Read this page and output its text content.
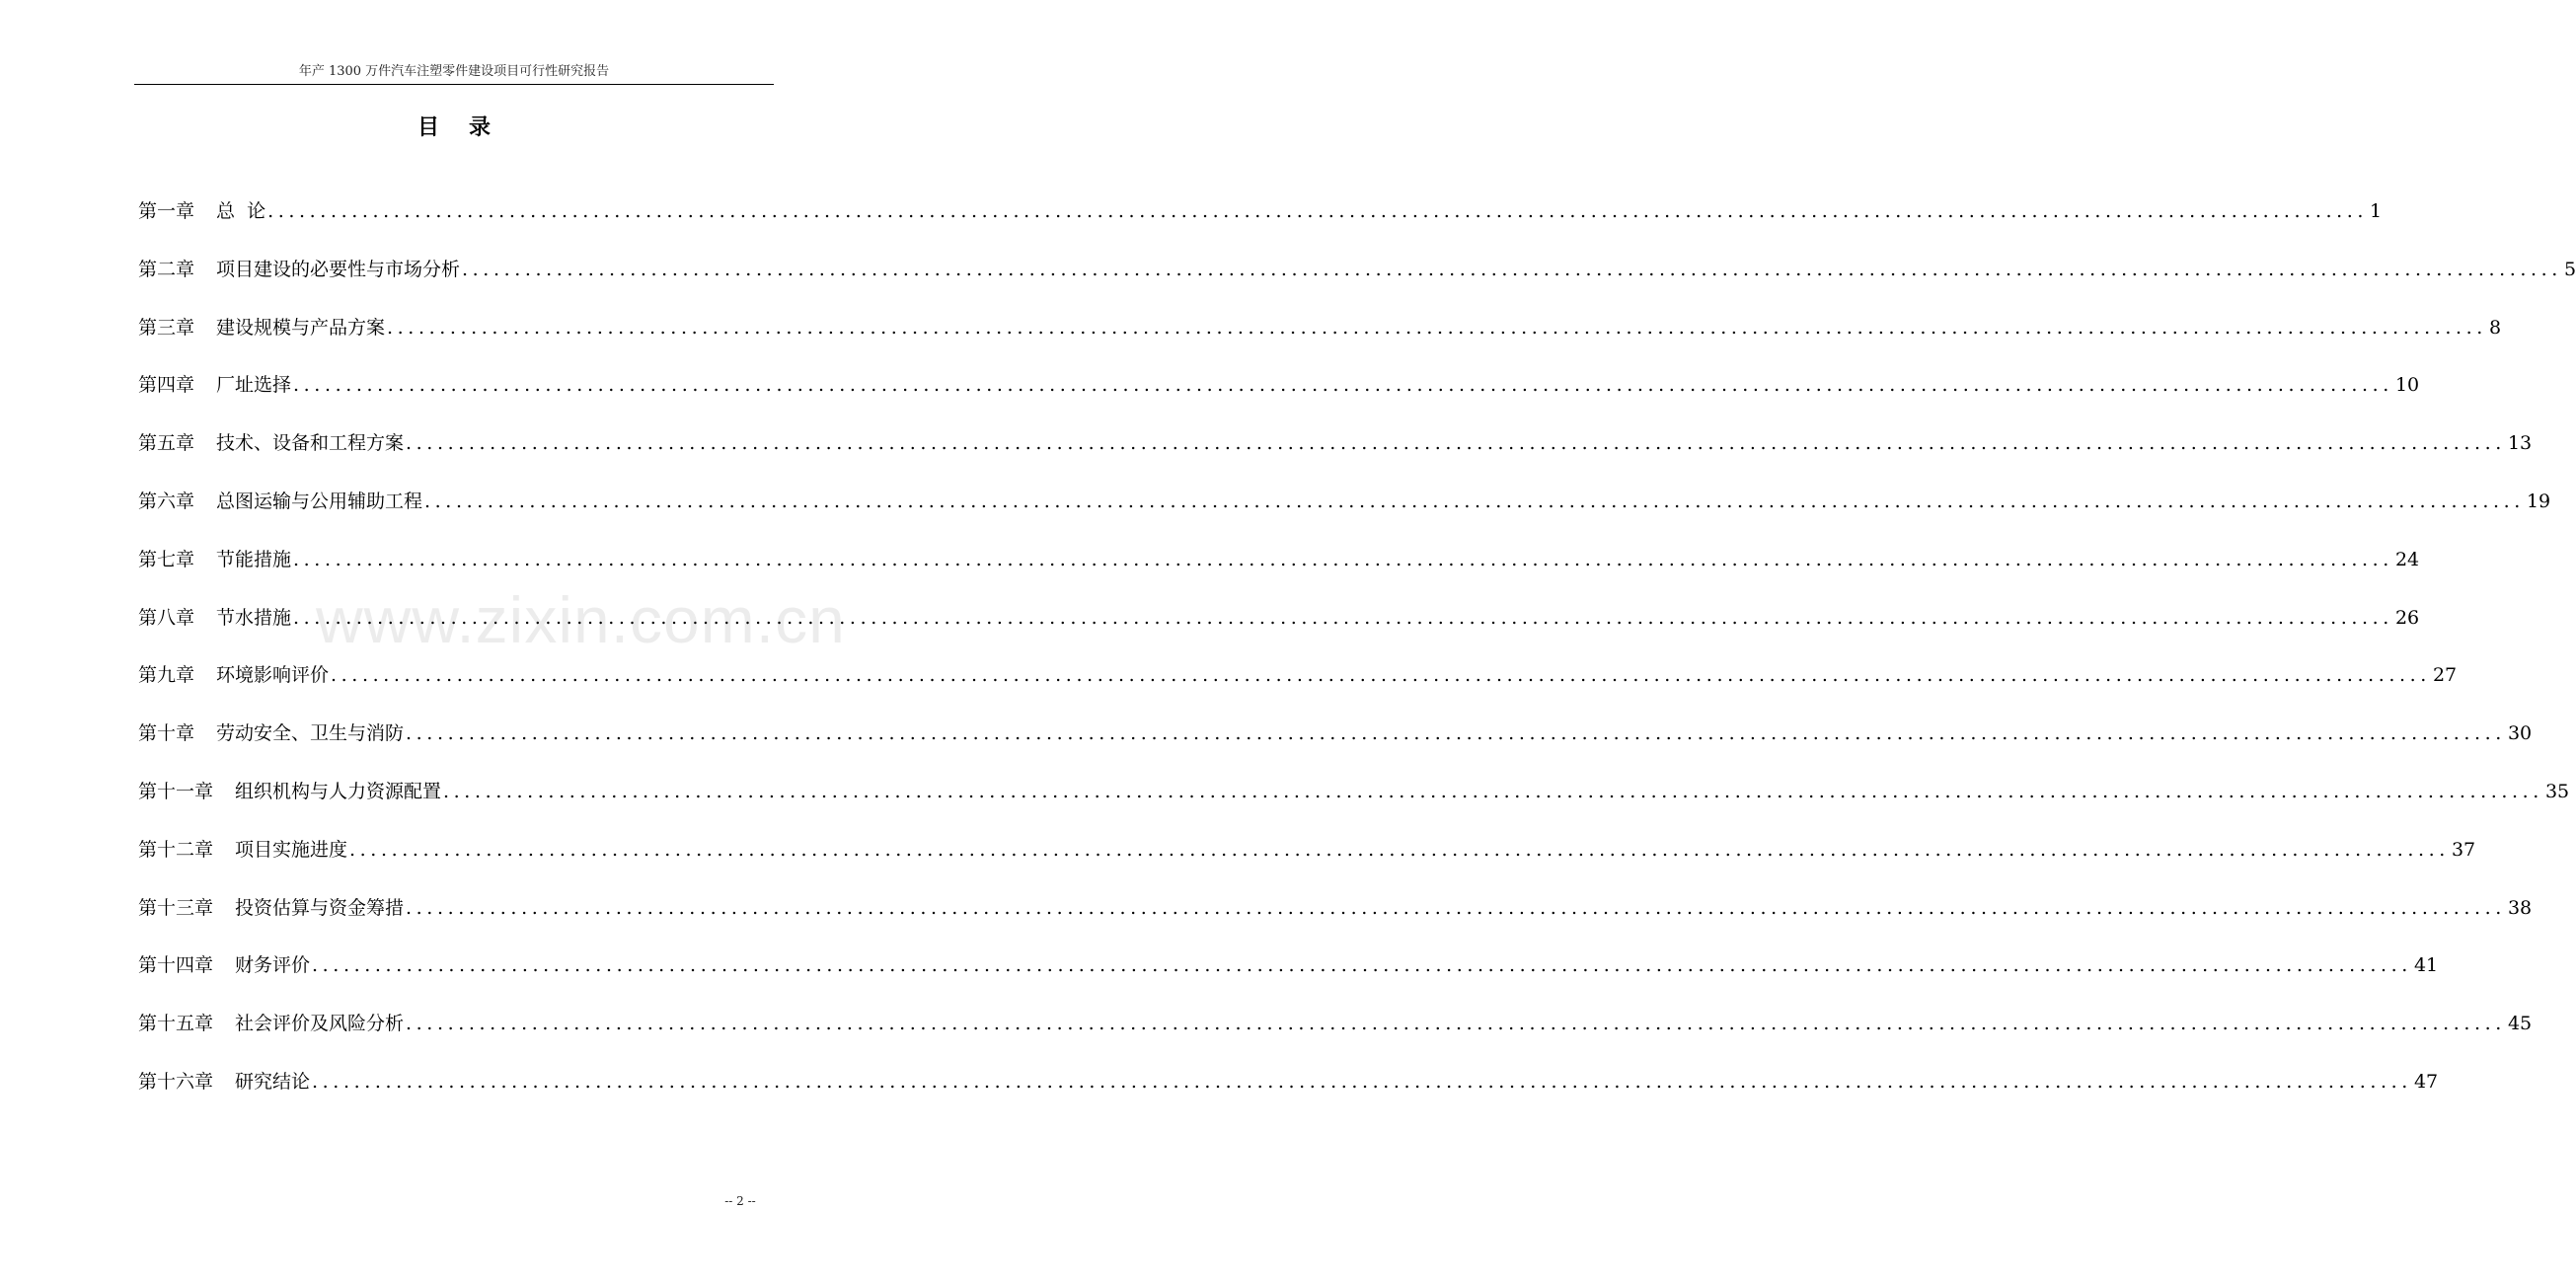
年产 1300 万件汽车注塑零件建设项目可行性研究报告
目录
第一章	总  论 ........................................................................................................................................................................................................ 1
第二章	项目建设的必要性与市场分析 ........................................................................................................................................................................................................ 5
第三章	建设规模与产品方案 ........................................................................................................................................................................................................ 8
第四章	厂址选择 ........................................................................................................................................................................................................ 10
第五章	技术、设备和工程方案 ........................................................................................................................................................................................................ 13
第六章	总图运输与公用辅助工程 ........................................................................................................................................................................................................ 19
第七章	节能措施 ........................................................................................................................................................................................................ 24
第八章	节水措施 ........................................................................................................................................................................................................ 26
第九章	环境影响评价 ........................................................................................................................................................................................................ 27
第十章	劳动安全、卫生与消防 ........................................................................................................................................................................................................ 30
第十一章	组织机构与人力资源配置 ........................................................................................................................................................................................................ 35
第十二章	项目实施进度 ........................................................................................................................................................................................................ 37
第十三章	投资估算与资金筹措 ........................................................................................................................................................................................................ 38
第十四章	财务评价 ........................................................................................................................................................................................................ 41
第十五章	社会评价及风险分析 ........................................................................................................................................................................................................ 45
第十六章	研究结论 ........................................................................................................................................................................................................ 47
www.zixin.com.cn
-- 2 --
